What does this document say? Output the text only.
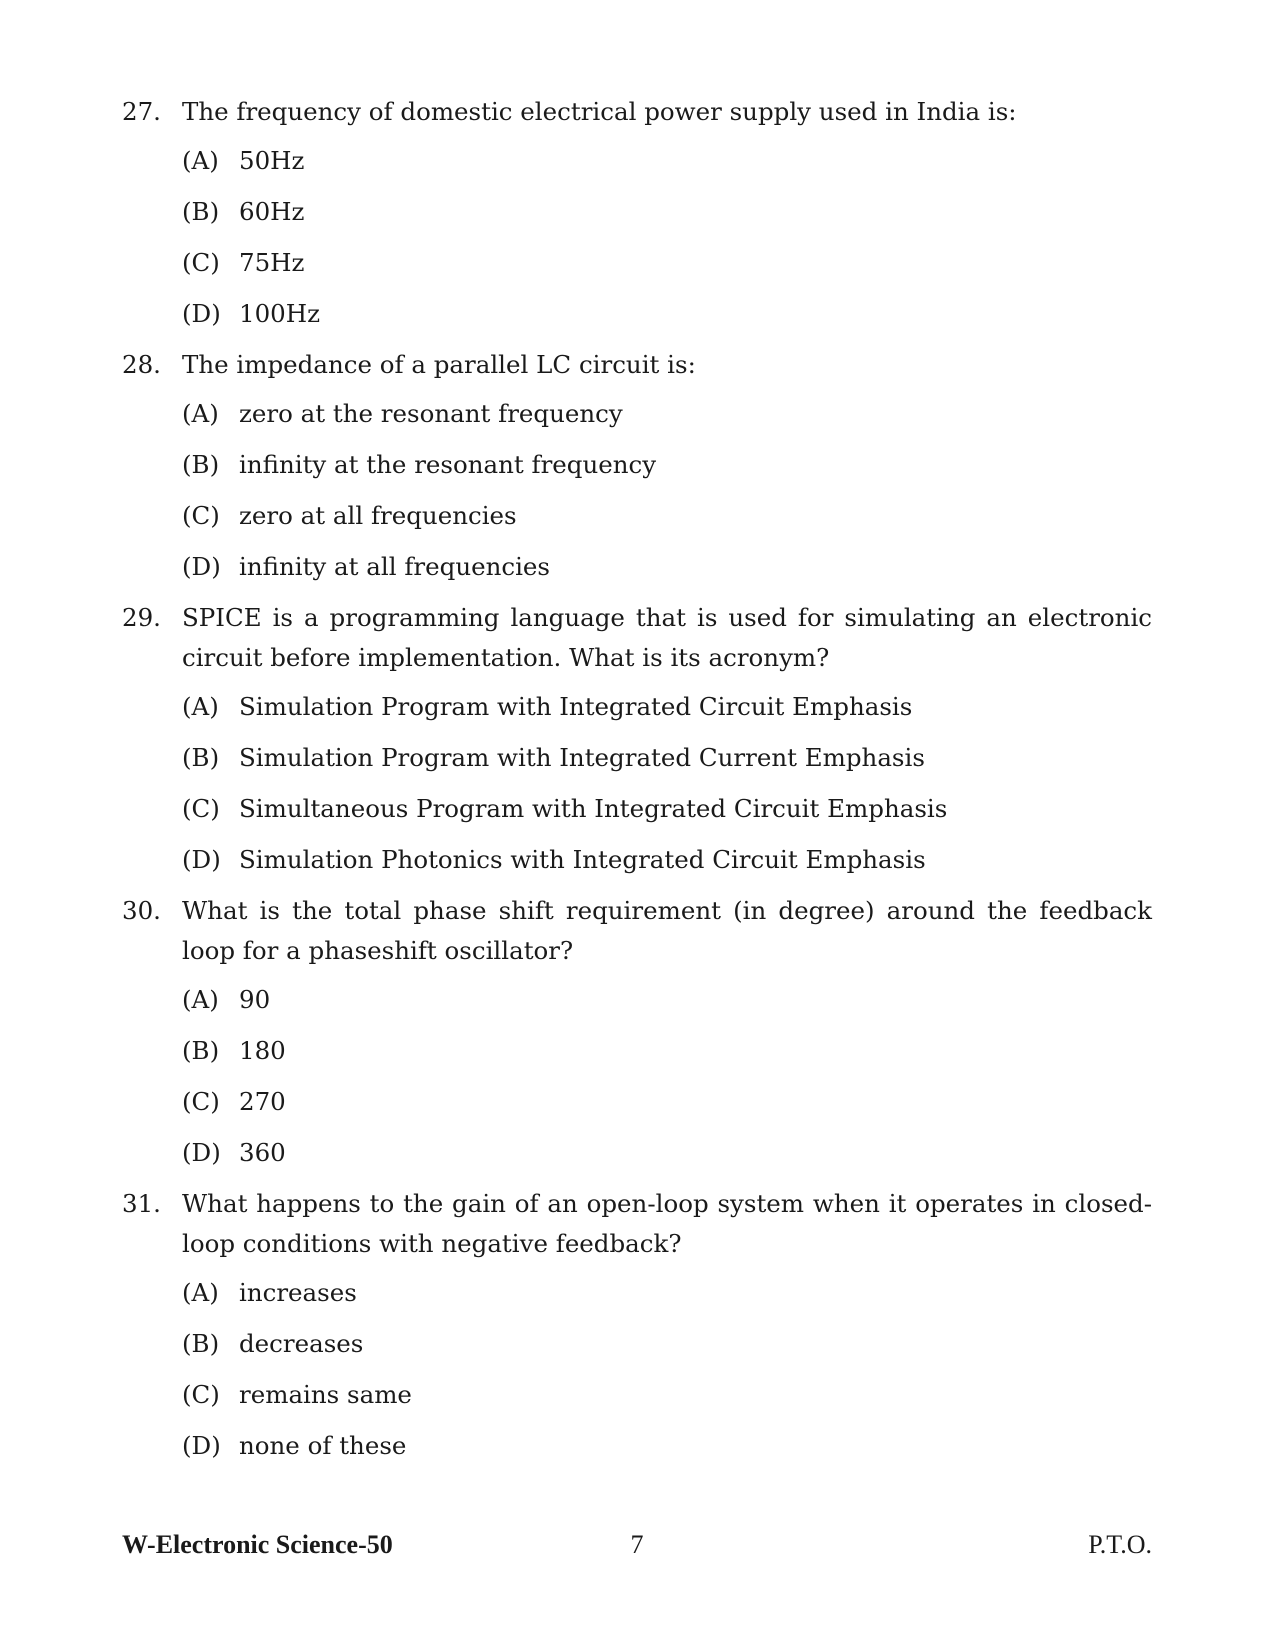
27. The frequency of domestic electrical power supply used in India is:
(A) 50Hz
(B) 60Hz
(C) 75Hz
(D) 100Hz
28. The impedance of a parallel LC circuit is:
(A) zero at the resonant frequency
(B) infinity at the resonant frequency
(C) zero at all frequencies
(D) infinity at all frequencies
29. SPICE is a programming language that is used for simulating an electronic circuit before implementation. What is its acronym?
(A) Simulation Program with Integrated Circuit Emphasis
(B) Simulation Program with Integrated Current Emphasis
(C) Simultaneous Program with Integrated Circuit Emphasis
(D) Simulation Photonics with Integrated Circuit Emphasis
30. What is the total phase shift requirement (in degree) around the feedback loop for a phaseshift oscillator?
(A) 90
(B) 180
(C) 270
(D) 360
31. What happens to the gain of an open-loop system when it operates in closed-loop conditions with negative feedback?
(A) increases
(B) decreases
(C) remains same
(D) none of these
W-Electronic Science-50	7	P.T.O.
